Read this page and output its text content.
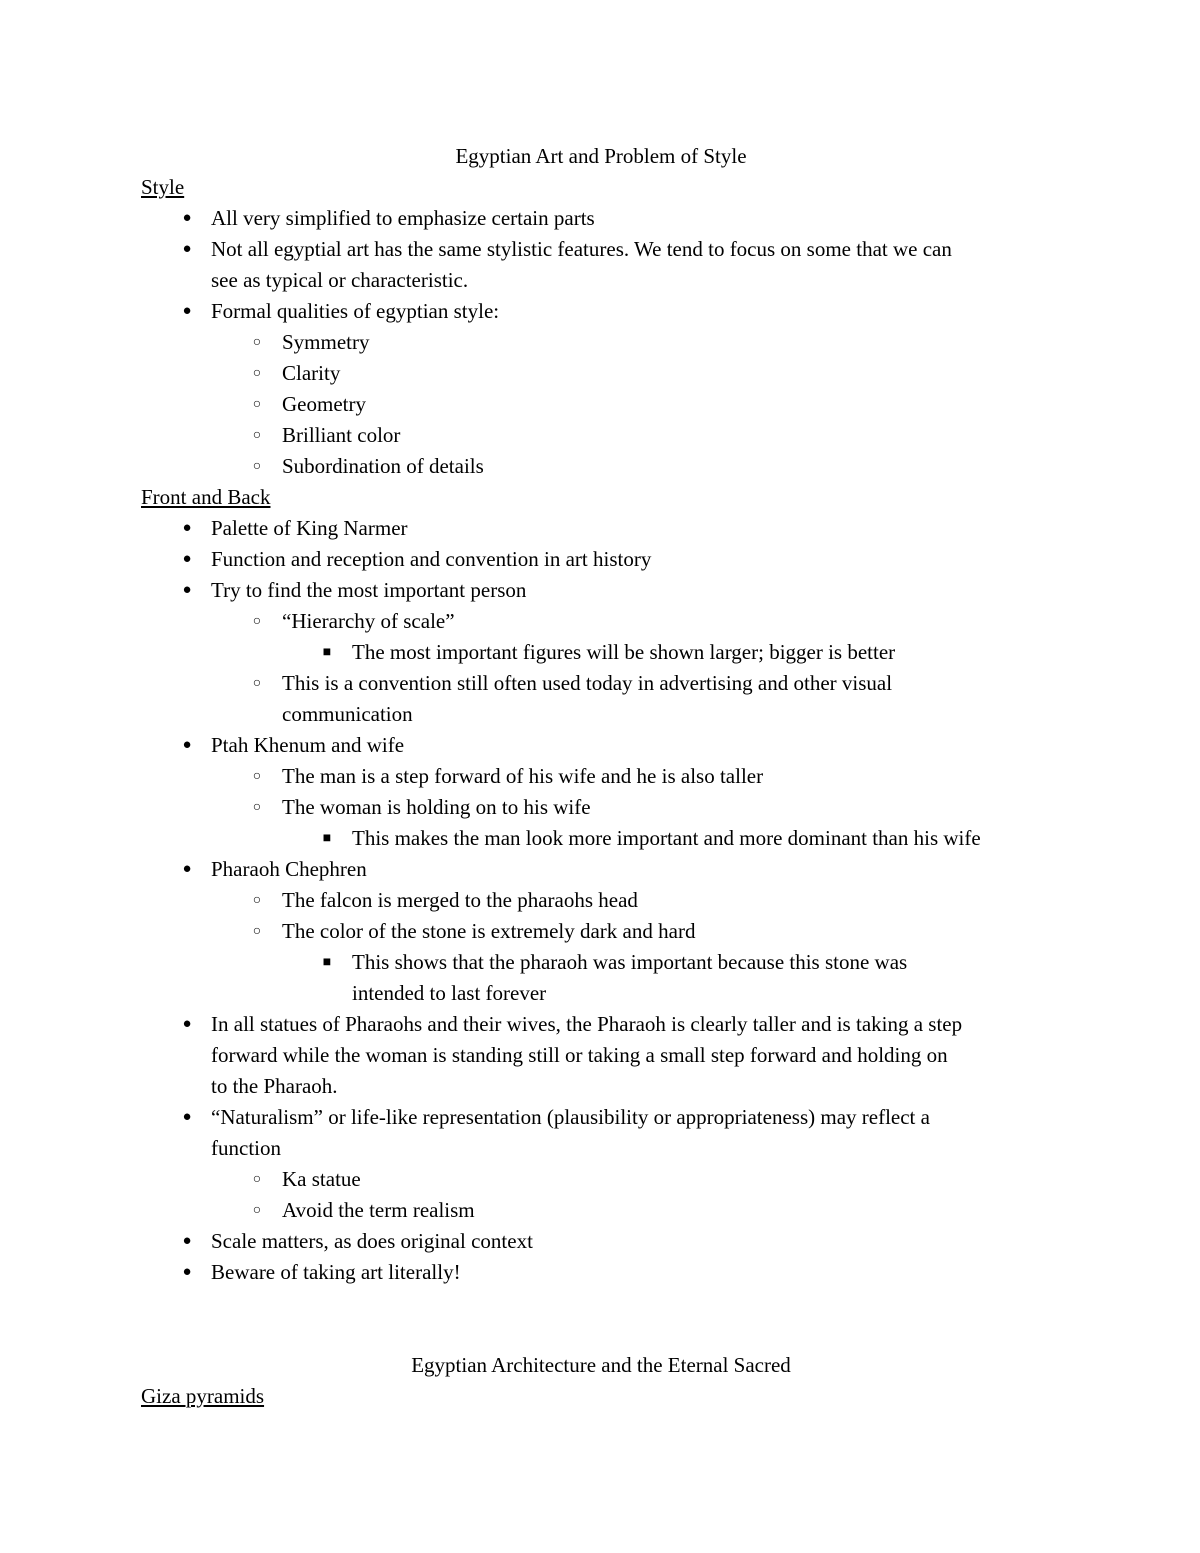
Egyptian Art and Problem of Style
Style
● All very simplified to emphasize certain parts
● Not all egyptial art has the same stylistic features. We tend to focus on some that we can
see as typical or characteristic.
● Formal qualities of egyptian style:
○ Symmetry
○ Clarity
○ Geometry
○ Brilliant color
○ Subordination of details
Front and Back
● Palette of King Narmer
● Function and reception and convention in art history
● Try to find the most important person
○ “Hierarchy of scale”
■ The most important figures will be shown larger; bigger is better
○ This is a convention still often used today in advertising and other visual
communication
● Ptah Khenum and wife
○ The man is a step forward of his wife and he is also taller
○ The woman is holding on to his wife
■ This makes the man look more important and more dominant than his wife
● Pharaoh Chephren
○ The falcon is merged to the pharaohs head
○ The color of the stone is extremely dark and hard
■ This shows that the pharaoh was important because this stone was
intended to last forever
● In all statues of Pharaohs and their wives, the Pharaoh is clearly taller and is taking a step
forward while the woman is standing still or taking a small step forward and holding on
to the Pharaoh.
● “Naturalism” or life-like representation (plausibility or appropriateness) may reflect a
function
○ Ka statue
○ Avoid the term realism
● Scale matters, as does original context
● Beware of taking art literally!
Egyptian Architecture and the Eternal Sacred
Giza pyramids
